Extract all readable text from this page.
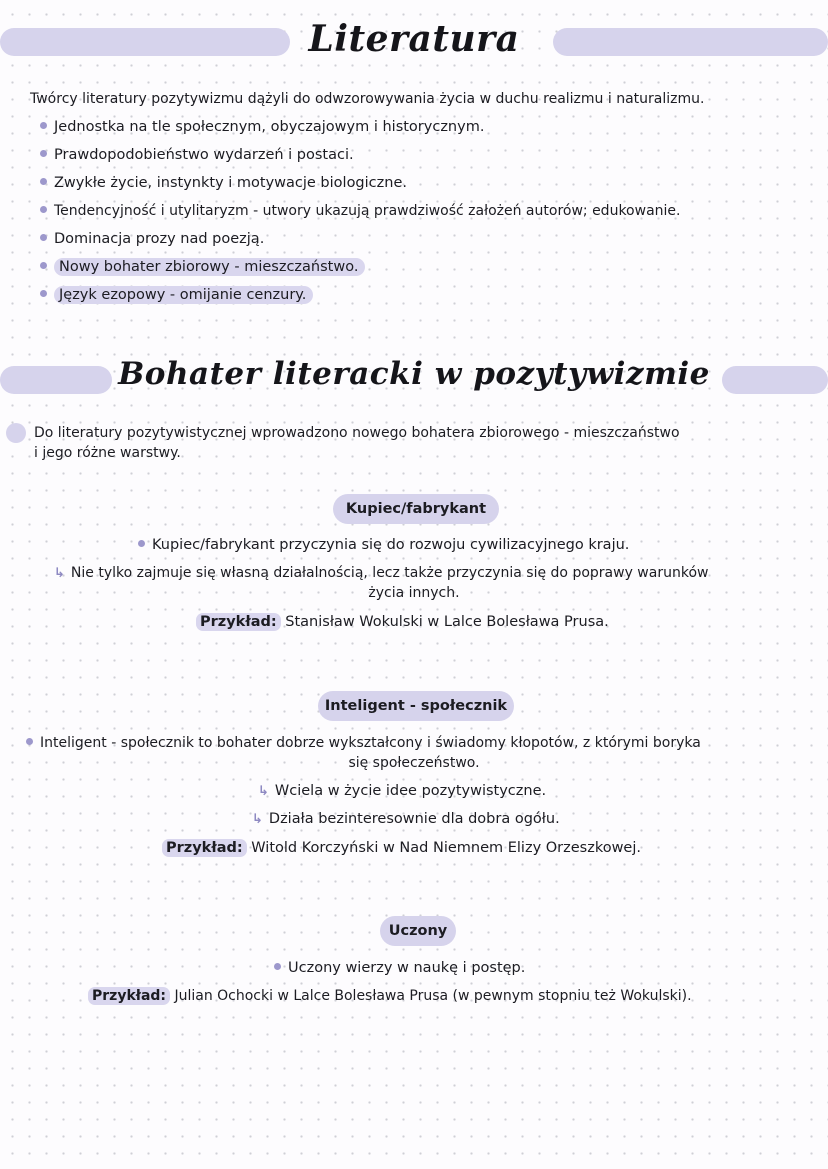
Literatura
Twórcy literatury pozytywizmu dążyli do odwzorowywania życia w duchu realizmu i naturalizmu.
Jednostka na tle społecznym, obyczajowym i historycznym.
Prawdopodobieństwo wydarzeń i postaci.
Zwykłe życie, instynkty i motywacje biologiczne.
Tendencyjność i utylitaryzm - utwory ukazują prawdziwość założeń autorów; edukowanie.
Dominacja prozy nad poezją.
Nowy bohater zbiorowy - mieszczaństwo.
Język ezopowy - omijanie cenzury.
Bohater literacki w pozytywizmie
Do literatury pozytywistycznej wprowadzono nowego bohatera zbiorowego - mieszczaństwo
i jego różne warstwy.
Kupiec/fabrykant
Kupiec/fabrykant przyczynia się do rozwoju cywilizacyjnego kraju.
↳ Nie tylko zajmuje się własną działalnością, lecz także przyczynia się do poprawy warunków
życia innych.
Przykład: Stanisław Wokulski w Lalce Bolesława Prusa.
Inteligent - społecznik
Inteligent - społecznik to bohater dobrze wykształcony i świadomy kłopotów, z którymi boryka
się społeczeństwo.
↳ Wciela w życie idee pozytywistyczne.
↳ Działa bezinteresownie dla dobra ogółu.
Przykład: Witold Korczyński w Nad Niemnem Elizy Orzeszkowej.
Uczony
Uczony wierzy w naukę i postęp.
Przykład: Julian Ochocki w Lalce Bolesława Prusa (w pewnym stopniu też Wokulski).
